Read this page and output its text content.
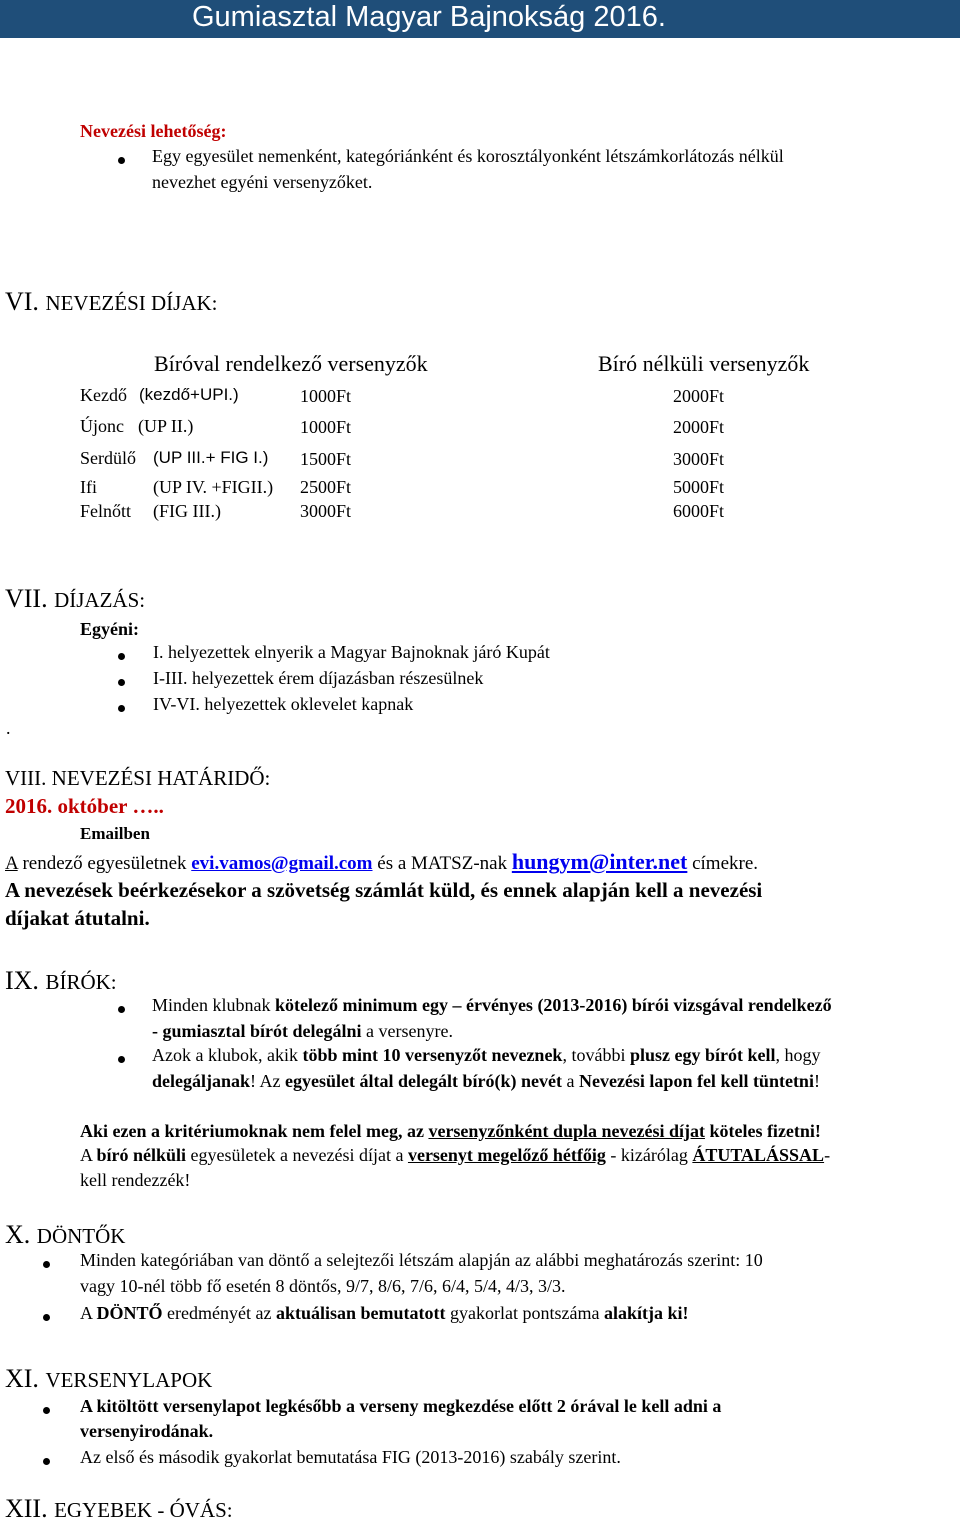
Gumiasztal Magyar Bajnokság 2016.
Nevezési lehetőség:
Egy egyesület nemenként, kategóriánként és korosztályonként létszámkorlátozás nélkül
nevezhet egyéni versenyzőket.
VI. NEVEZÉSI DÍJAK:
Bíróval rendelkező versenyzők	Bíró nélküli versenyzők
Kezdő (kezdő+UPI.)	1000Ft	2000Ft
Újonc (UP II.)	1000Ft	2000Ft
Serdülő (UP III.+ FIG I.) 1500Ft	3000Ft
Ifi	(UP IV. +FIGII.) 2500Ft	5000Ft
Felnőtt (FIG III.)	3000Ft	6000Ft
VII. DÍJAZÁS:
Egyéni:
I. helyezettek elnyerik a Magyar Bajnoknak járó Kupát
I-III. helyezettek érem díjazásban részesülnek
IV-VI. helyezettek oklevelet kapnak
.
VIII. NEVEZÉSI HATÁRIDŐ:
2016. október …..
Emailben
A rendező egyesületnek evi.vamos@gmail.com és a MATSZ-nak hungym@inter.net címekre.
A nevezések beérkezésekor a szövetség számlát küld, és ennek alapján kell a nevezési
díjakat átutalni.
IX. BÍRÓK:
Minden klubnak kötelező minimum egy – érvényes (2013-2016) bírói vizsgával rendelkező
- gumiasztal bírót delegálni a versenyre.
Azok a klubok, akik több mint 10 versenyzőt neveznek, további plusz egy bírót kell, hogy
delegáljanak! Az egyesület által delegált bíró(k) nevét a Nevezési lapon fel kell tüntetni!
Aki ezen a kritériumoknak nem felel meg, az versenyzőnként dupla nevezési díjat köteles fizetni!
A bíró nélküli egyesületek a nevezési díjat a versenyt megelőző hétfőig - kizárólag ÁTUTALÁSSAL-
kell rendezzék!
X. DÖNTŐK
Minden kategóriában van döntő a selejtezői létszám alapján az alábbi meghatározás szerint: 10
vagy 10-nél több fő esetén 8 döntős, 9/7, 8/6, 7/6, 6/4, 5/4, 4/3, 3/3.
A DÖNTŐ eredményét az aktuálisan bemutatott gyakorlat pontszáma alakítja ki!
XI. VERSENYLAPOK
A kitöltött versenylapot legkésőbb a verseny megkezdése előtt 2 órával le kell adni a
versenyirodának.
Az első és második gyakorlat bemutatása FIG (2013-2016) szabály szerint.
XII. EGYEBEK - ÓVÁS:
